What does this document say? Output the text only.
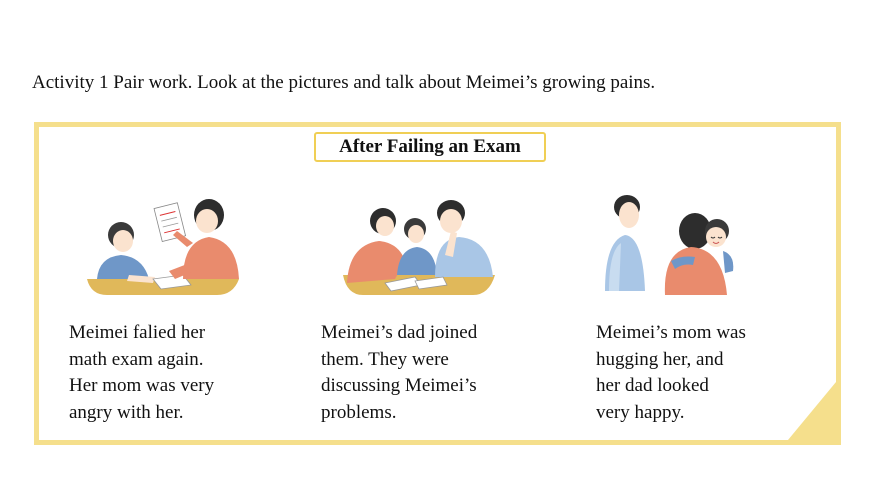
Activity 1 Pair work. Look at the pictures and talk about Meimei’s growing pains.
After Failing an Exam
Meimei falied her
math exam again.
Her mom was very
angry with her.
Meimei’s dad joined
them. They were
discussing Meimei’s
problems.
Meimei’s mom was
hugging her, and
her dad looked
very happy.
